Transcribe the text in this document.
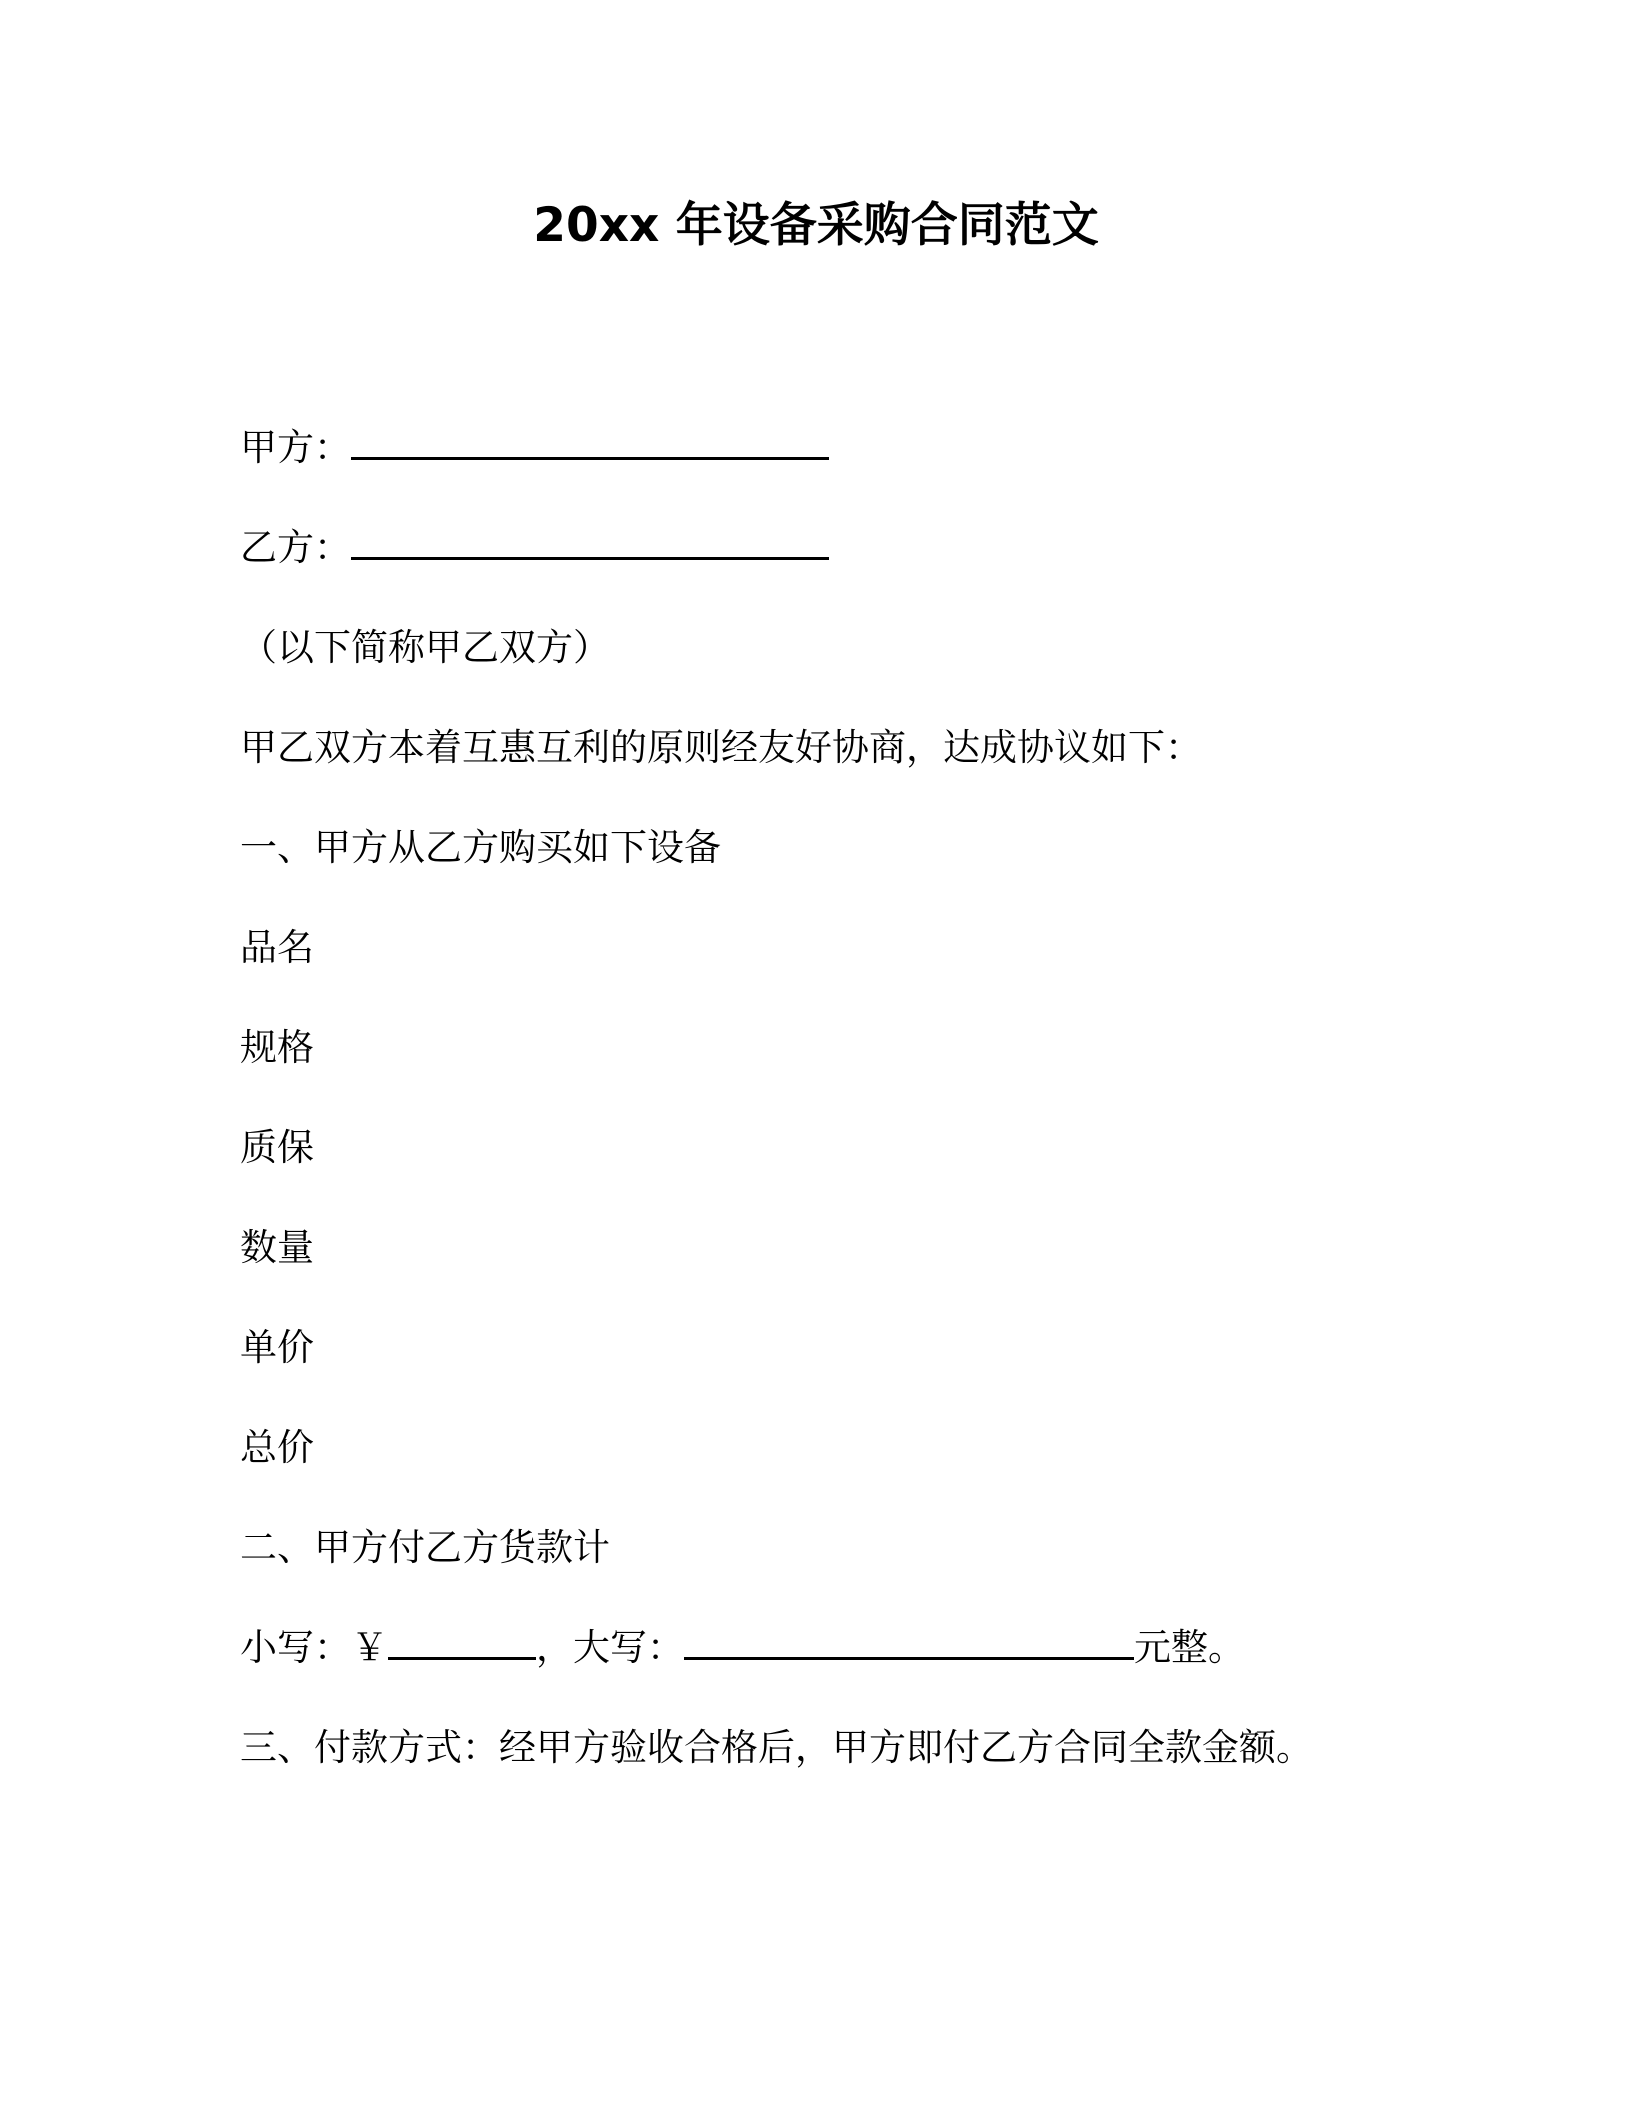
20xx 年设备采购合同范文
甲方：
乙方：
（以下简称甲乙双方）
甲乙双方本着互惠互利的原则经友好协商，达成协议如下：
一、甲方从乙方购买如下设备
品名
规格
质保
数量
单价
总价
二、甲方付乙方货款计
小写：￥	，大写：	元整。
三、付款方式：经甲方验收合格后，甲方即付乙方合同全款金额。
